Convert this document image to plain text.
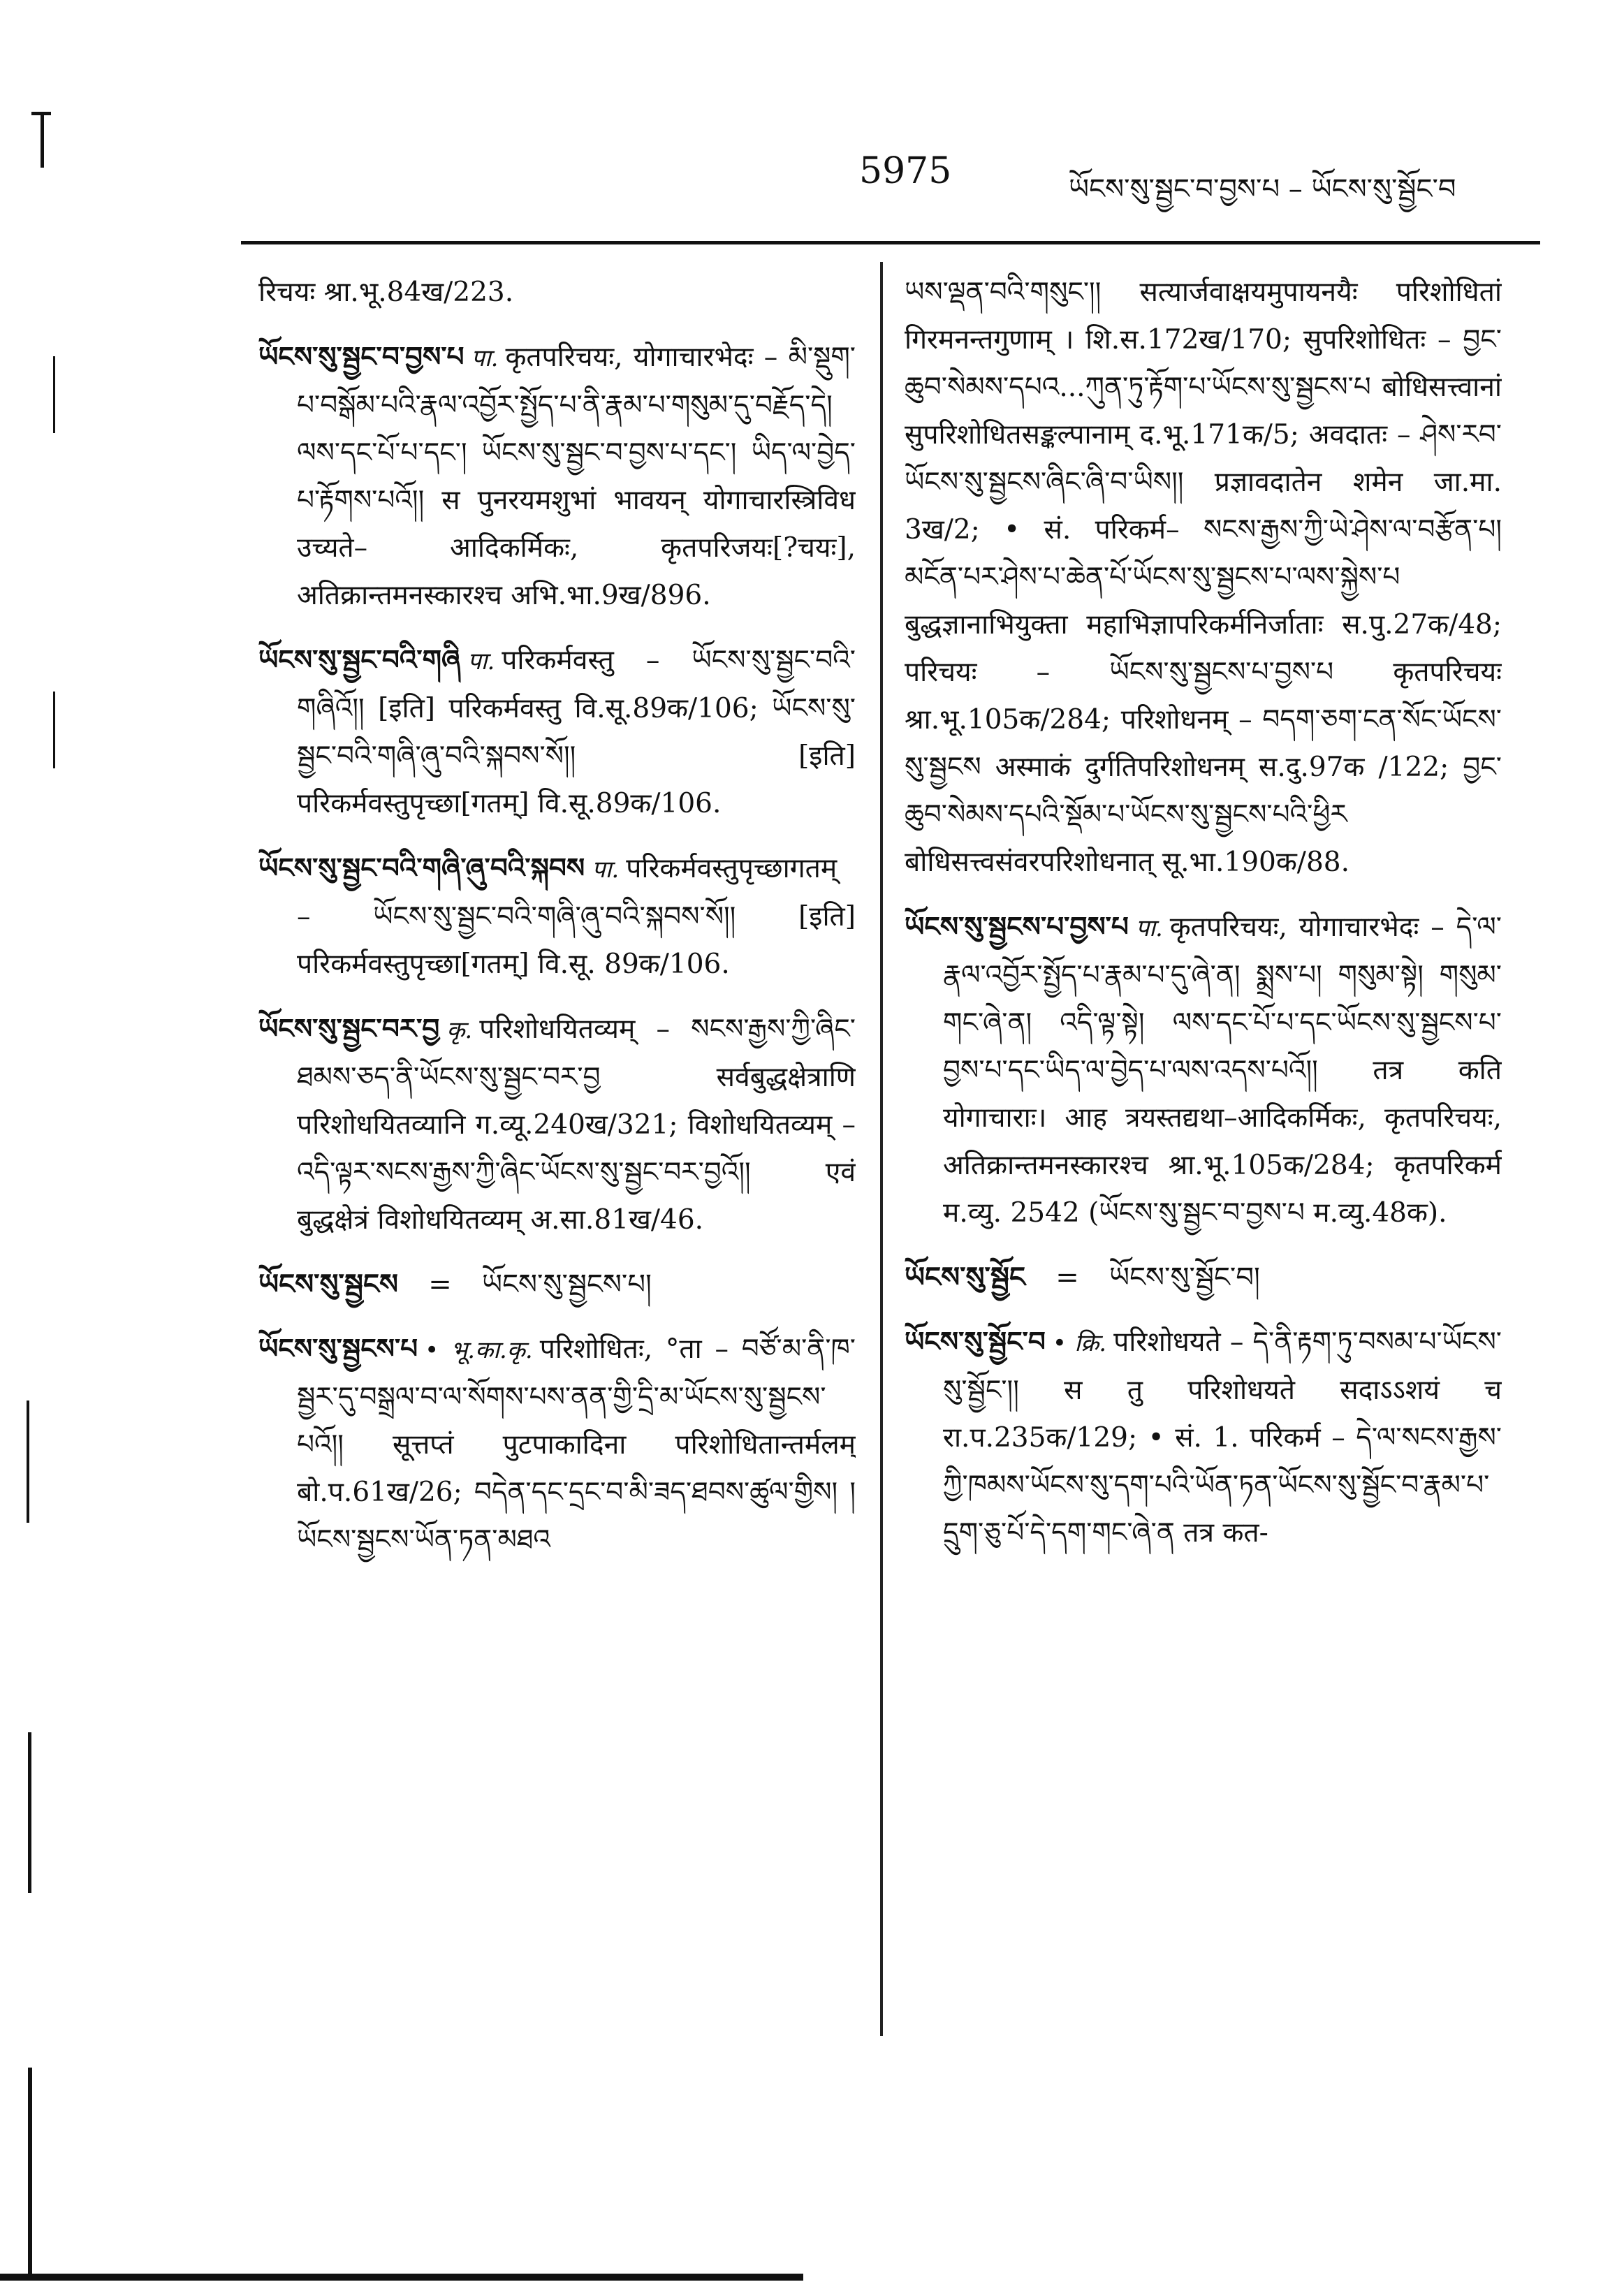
5975	ཡོངས་སུ་སྦྱང་བ་བྱས་པ – ཡོངས་སུ་སྦྱོང་བ

रिचयः श्रा.भू.84ख/223.

ཡོངས་སུ་སྦྱང་བ་བྱས་པ पा. कृतपरिचयः, योगाचारभेदः – མི་སྡུག་པ་བསྒོམ་པའི་རྣལ་འབྱོར་སྤྱོད་པ་ནི་རྣམ་པ་གསུམ་དུ་བརྗོད་དེ། ལས་དང་པོ་པ་དང་། ཡོངས་སུ་སྦྱང་བ་བྱས་པ་དང་། ཡིད་ལ་བྱེད་པ་རྟོགས་པའོ།། स पुनरयमशुभां भावयन् योगाचारस्त्रिविध उच्यते– आदिकर्मिकः, कृतपरिजयः[?चयः], अतिक्रान्तमनस्कारश्च अभि.भा.9ख/896.

ཡོངས་སུ་སྦྱང་བའི་གཞི पा. परिकर्मवस्तु – ཡོངས་སུ་སྦྱང་བའི་གཞིའོ།། [इति] परिकर्मवस्तु वि.सू.89क/106; ཡོངས་སུ་སྦྱང་བའི་གཞི་ཞུ་བའི་སྐབས་སོ།། [इति] परिकर्मवस्तुपृच्छा[गतम्] वि.सू.89क/106.

ཡོངས་སུ་སྦྱང་བའི་གཞི་ཞུ་བའི་སྐབས पा. परिकर्मवस्तुपृच्छागतम् – ཡོངས་སུ་སྦྱང་བའི་གཞི་ཞུ་བའི་སྐབས་སོ།། [इति] परिकर्मवस्तुपृच्छा[गतम्] वि.सू. 89क/106.

ཡོངས་སུ་སྦྱང་བར་བྱ कृ. परिशोधयितव्यम् – སངས་རྒྱས་ཀྱི་ཞིང་ཐམས་ཅད་ནི་ཡོངས་སུ་སྦྱང་བར་བྱ सर्वबुद्धक्षेत्राणि परिशोधयितव्यानि ग.व्यू.240ख/321; विशोधयितव्यम् – འདི་ལྟར་སངས་རྒྱས་ཀྱི་ཞིང་ཡོངས་སུ་སྦྱང་བར་བྱའོ།། एवं बुद्धक्षेत्रं विशोधयितव्यम् अ.सा.81ख/46.

ཡོངས་སུ་སྦྱངས	=	ཡོངས་སུ་སྦྱངས་པ།

ཡོངས་སུ་སྦྱངས་པ • भू.का.कृ. परिशोधितः, °ता – བཙོ་མ་ནི་ཁ་སྦྱར་དུ་བསྒྲལ་བ་ལ་སོགས་པས་ནན་གྱི་དྲི་མ་ཡོངས་སུ་སྦྱངས་པའོ།། सूत्तप्तं पुटपाकादिना परिशोधितान्तर्मलम् बो.प.61ख/26; བདེན་དང་དྲང་བ་མི་ཟད་ཐབས་ཚུལ་གྱིས། །ཡོངས་སྦྱངས་ཡོན་ཏན་མཐའ

ཡས་ལྡན་བའི་གསུང་།། सत्यार्जवाक्षयमुपायनयैः परिशोधितां गिरमनन्तगुणाम् । शि.स.172ख/170; सुपरिशोधितः – བྱང་ཆུབ་སེམས་དཔའ...ཀུན་ཏུ་རྟོག་པ་ཡོངས་སུ་སྦྱངས་པ बोधिसत्त्वानां सुपरिशोधितसङ्कल्पानाम् द.भू.171क/5; अवदातः – ཤེས་རབ་ཡོངས་སུ་སྦྱངས་ཞིང་ཞི་བ་ཡིས།། प्रज्ञावदातेन शमेन जा.मा. 3ख/2; • सं. परिकर्म– སངས་རྒྱས་ཀྱི་ཡེ་ཤེས་ལ་བརྩོན་པ། མངོན་པར་ཤེས་པ་ཆེན་པོ་ཡོངས་སུ་སྦྱངས་པ་ལས་སྐྱེས་པ बुद्धज्ञानाभियुक्ता महाभिज्ञापरिकर्मनिर्जाताः स.पु.27क/48; परिचयः – ཡོངས་སུ་སྦྱངས་པ་བྱས་པ कृतपरिचयः श्रा.भू.105क/284; परिशोधनम् – བདག་ཅག་ངན་སོང་ཡོངས་སུ་སྦྱངས अस्माकं दुर्गतिपरिशोधनम् स.दु.97क /122; བྱང་ཆུབ་སེམས་དཔའི་སྡོམ་པ་ཡོངས་སུ་སྦྱངས་པའི་ཕྱིར बोधिसत्त्वसंवरपरिशोधनात् सू.भा.190क/88.

ཡོངས་སུ་སྦྱངས་པ་བྱས་པ पा. कृतपरिचयः, योगाचारभेदः – དེ་ལ་རྣལ་འབྱོར་སྤྱོད་པ་རྣམ་པ་དུ་ཞེ་ན། སྨྲས་པ། གསུམ་སྟེ། གསུམ་གང་ཞེ་ན། འདི་ལྟ་སྟེ། ལས་དང་པོ་པ་དང་ཡོངས་སུ་སྦྱངས་པ་བྱས་པ་དང་ཡིད་ལ་བྱེད་པ་ལས་འདས་པའོ།། तत्र कति योगाचाराः। आह त्रयस्तद्यथा–आदिकर्मिकः, कृतपरिचयः, अतिक्रान्तमनस्कारश्च श्रा.भू.105क/284; कृतपरिकर्म म.व्यु. 2542 (ཡོངས་སུ་སྦྱང་བ་བྱས་པ म.व्यु.48क).

ཡོངས་སུ་སྦྱོང	=	ཡོངས་སུ་སྦྱོང་བ།

ཡོངས་སུ་སྦྱོང་བ • क्रि. परिशोधयते – དེ་ནི་རྟག་ཏུ་བསམ་པ་ཡོངས་སུ་སྦྱོང་།། स तु परिशोधयते सदाऽऽशयं च रा.प.235क/129; • सं. 1. परिकर्म – དེ་ལ་སངས་རྒྱས་ཀྱི་ཁམས་ཡོངས་སུ་དག་པའི་ཡོན་ཏན་ཡོངས་སུ་སྦྱོང་བ་རྣམ་པ་དྲུག་ཅུ་པོ་དེ་དག་གང་ཞེ་ན तत्र कत-
